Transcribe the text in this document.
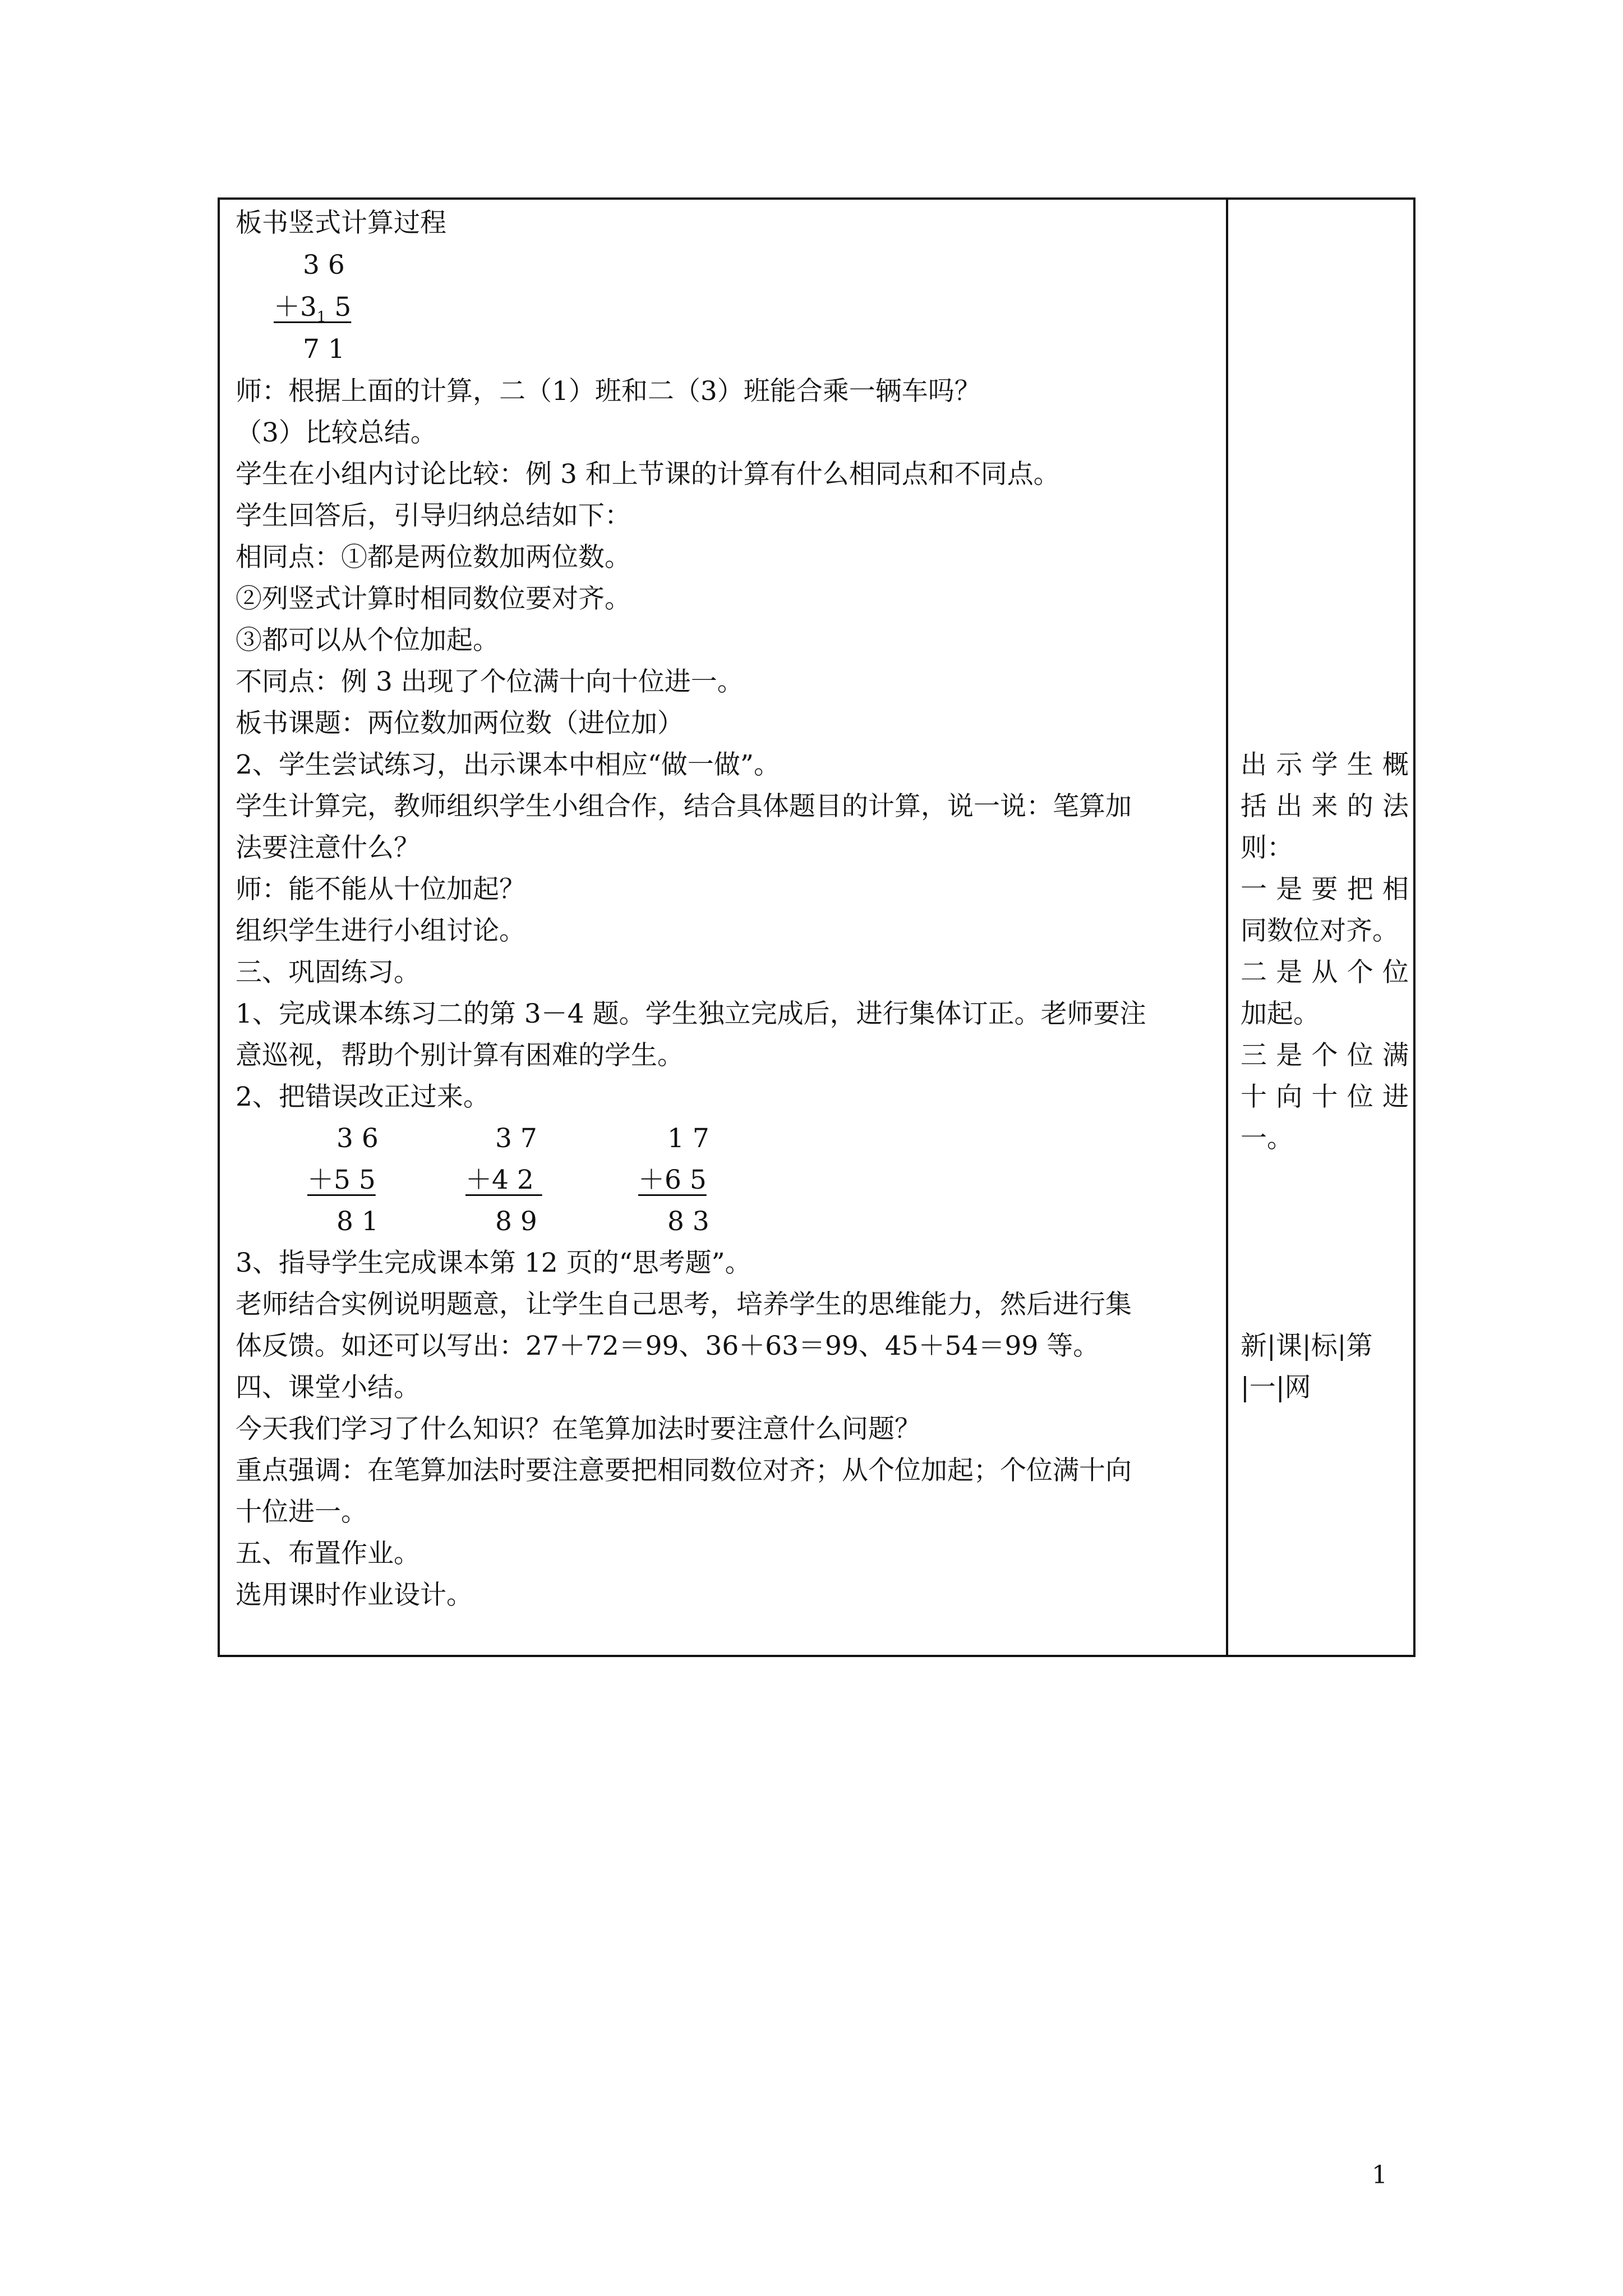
板书竖式计算过程
3 6
$+3_1$ 5
7 1
师：根据上面的计算，二（1）班和二（3）班能合乘一辆车吗？
（3）比较总结。
学生在小组内讨论比较：例 3 和上节课的计算有什么相同点和不同点。
学生回答后，引导归纳总结如下：
相同点：①都是两位数加两位数。
②列竖式计算时相同数位要对齐。
③都可以从个位加起。
不同点：例 3 出现了个位满十向十位进一。
板书课题：两位数加两位数（进位加）
2、学生尝试练习，出示课本中相应“做一做”。
学生计算完，教师组织学生小组合作，结合具体题目的计算，说一说：笔算加
法要注意什么？
师：能不能从十位加起？
组织学生进行小组讨论。
三、巩固练习。
1、完成课本练习二的第 3－4 题。学生独立完成后，进行集体订正。老师要注
意巡视，帮助个别计算有困难的学生。
2、把错误改正过来。
3 6
＋5 5
8 1
3 7
＋4 2
8 9
1 7
＋6 5
8 3
3、指导学生完成课本第 12 页的“思考题”。
老师结合实例说明题意，让学生自己思考，培养学生的思维能力，然后进行集
体反馈。如还可以写出：27＋72＝99、36＋63＝99、45＋54＝99 等。
四、课堂小结。
今天我们学习了什么知识？在笔算加法时要注意什么问题？
重点强调：在笔算加法时要注意要把相同数位对齐；从个位加起；个位满十向
十位进一。
五、布置作业。
选用课时作业设计。
出示学生概
括出来的法
则：
一是要把相
同数位对齐。
二是从个位
加起。
三是个位满
十向十位进
一。
新|课|标|第
|一|网
1
